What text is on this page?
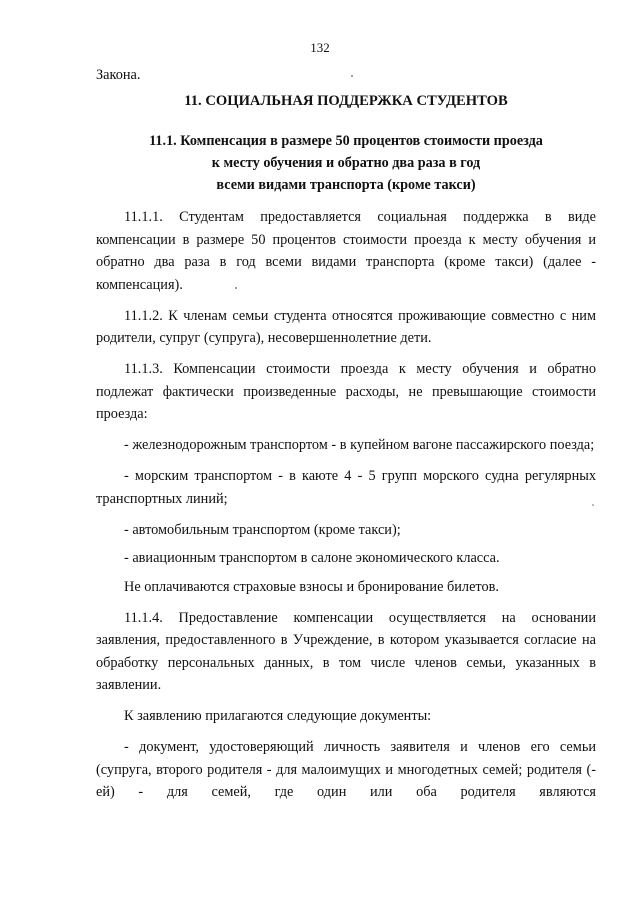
132
Закона.
11. СОЦИАЛЬНАЯ ПОДДЕРЖКА СТУДЕНТОВ
11.1. Компенсация в размере 50 процентов стоимости проезда
к месту обучения и обратно два раза в год
всеми видами транспорта (кроме такси)

11.1.1. Студентам предоставляется социальная поддержка в виде компенсации в размере 50 процентов стоимости проезда к месту обучения и обратно два раза в год всеми видами транспорта (кроме такси) (далее - компенсация).

11.1.2. К членам семьи студента относятся проживающие совместно с ним родители, супруг (супруга), несовершеннолетние дети.

11.1.3. Компенсации стоимости проезда к месту обучения и обратно подлежат фактически произведенные расходы, не превышающие стоимости проезда:

- железнодорожным транспортом - в купейном вагоне пассажирского поезда;

- морским транспортом - в каюте 4 - 5 групп морского судна регулярных транспортных линий;

- автомобильным транспортом (кроме такси);

- авиационным транспортом в салоне экономического класса.

Не оплачиваются страховые взносы и бронирование билетов.

11.1.4. Предоставление компенсации осуществляется на основании заявления, предоставленного в Учреждение, в котором указывается согласие на обработку персональных данных, в том числе членов семьи, указанных в заявлении.

К заявлению прилагаются следующие документы:

- документ, удостоверяющий личность заявителя и членов его семьи (супруга, второго родителя - для малоимущих и многодетных семей; родителя (-ей) - для семей, где один или оба родителя являются
